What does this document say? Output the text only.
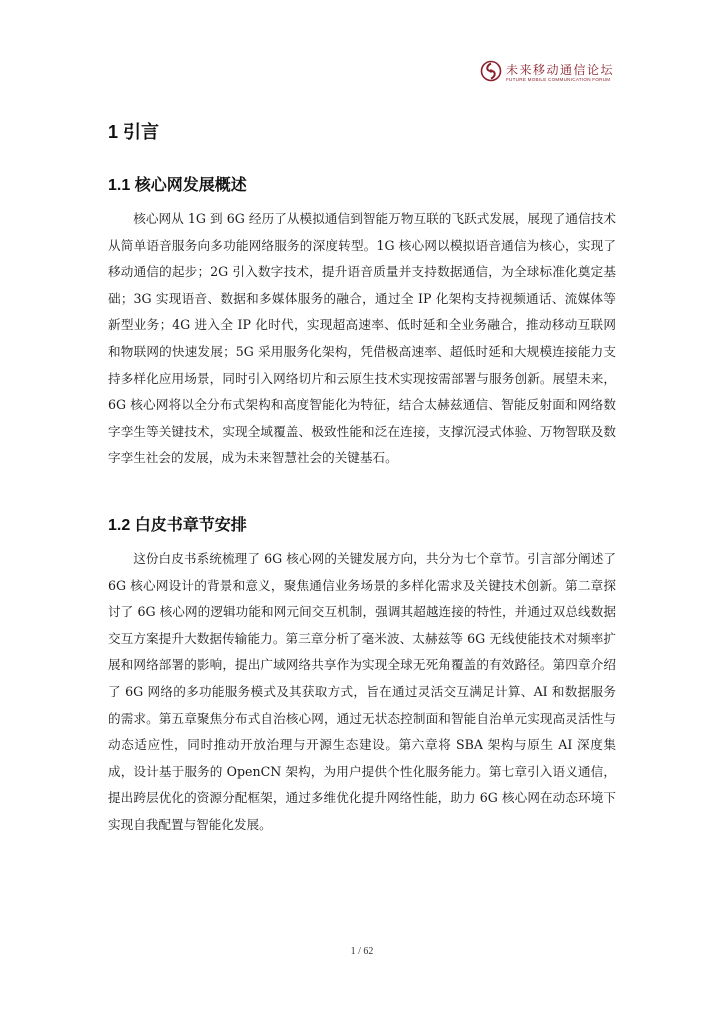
未来移动通信论坛
FUTURE MOBILE COMMUNICATION FORUM
1 引言
1.1 核心网发展概述

核心网从 1G 到 6G 经历了从模拟通信到智能万物互联的飞跃式发展，展现了通信技术从简单语音服务向多功能网络服务的深度转型。1G 核心网以模拟语音通信为核心，实现了移动通信的起步；2G 引入数字技术，提升语音质量并支持数据通信，为全球标准化奠定基础；3G 实现语音、数据和多媒体服务的融合，通过全 IP 化架构支持视频通话、流媒体等新型业务；4G 进入全 IP 化时代，实现超高速率、低时延和全业务融合，推动移动互联网和物联网的快速发展；5G 采用服务化架构，凭借极高速率、超低时延和大规模连接能力支持多样化应用场景，同时引入网络切片和云原生技术实现按需部署与服务创新。展望未来，6G 核心网将以全分布式架构和高度智能化为特征，结合太赫兹通信、智能反射面和网络数字孪生等关键技术，实现全域覆盖、极致性能和泛在连接，支撑沉浸式体验、万物智联及数字孪生社会的发展，成为未来智慧社会的关键基石。

1.2 白皮书章节安排

这份白皮书系统梳理了 6G 核心网的关键发展方向，共分为七个章节。引言部分阐述了 6G 核心网设计的背景和意义，聚焦通信业务场景的多样化需求及关键技术创新。第二章探讨了 6G 核心网的逻辑功能和网元间交互机制，强调其超越连接的特性，并通过双总线数据交互方案提升大数据传输能力。第三章分析了毫米波、太赫兹等 6G 无线使能技术对频率扩展和网络部署的影响，提出广域网络共享作为实现全球无死角覆盖的有效路径。第四章介绍了 6G 网络的多功能服务模式及其获取方式，旨在通过灵活交互满足计算、AI 和数据服务的需求。第五章聚焦分布式自治核心网，通过无状态控制面和智能自治单元实现高灵活性与动态适应性，同时推动开放治理与开源生态建设。第六章将 SBA 架构与原生 AI 深度集成，设计基于服务的 OpenCN 架构，为用户提供个性化服务能力。第七章引入语义通信，提出跨层优化的资源分配框架，通过多维优化提升网络性能，助力 6G 核心网在动态环境下实现自我配置与智能化发展。

1 / 62
